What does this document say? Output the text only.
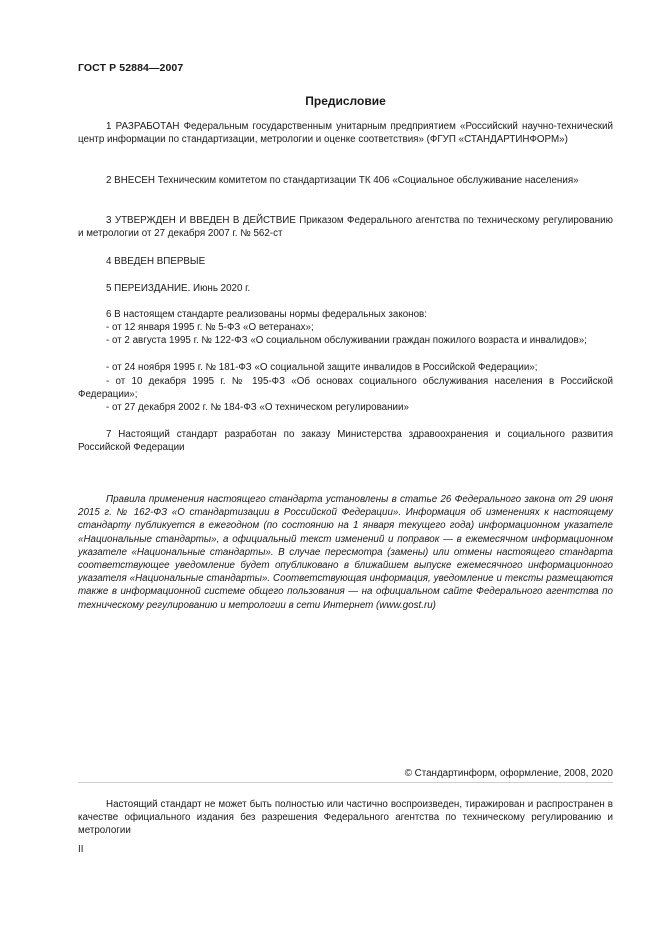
ГОСТ Р 52884—2007
Предисловие

1 РАЗРАБОТАН Федеральным государственным унитарным предприятием «Российский научно-технический центр информации по стандартизации, метрологии и оценке соответствия» (ФГУП «СТАНДАРТИНФОРМ»)

2 ВНЕСЕН Техническим комитетом по стандартизации ТК 406 «Социальное обслуживание населения»

3 УТВЕРЖДЕН И ВВЕДЕН В ДЕЙСТВИЕ Приказом Федерального агентства по техническому регулированию и метрологии от 27 декабря 2007 г. № 562-ст

4 ВВЕДЕН ВПЕРВЫЕ

5 ПЕРЕИЗДАНИЕ. Июнь 2020 г.

6 В настоящем стандарте реализованы нормы федеральных законов:

- от 12 января 1995 г. № 5-ФЗ «О ветеранах»;

- от 2 августа 1995 г. № 122-ФЗ «О социальном обслуживании граждан пожилого возраста и инвалидов»;

- от 24 ноября 1995 г. № 181-ФЗ «О социальной защите инвалидов в Российской Федерации»;

- от 10 декабря 1995 г. № 195-ФЗ «Об основах социального обслуживания населения в Российской Федерации»;

- от 27 декабря 2002 г. № 184-ФЗ «О техническом регулировании»

7 Настоящий стандарт разработан по заказу Министерства здравоохранения и социального развития Российской Федерации

Правила применения настоящего стандарта установлены в статье 26 Федерального закона от 29 июня 2015 г. № 162-ФЗ «О стандартизации в Российской Федерации». Информация об изменениях к настоящему стандарту публикуется в ежегодном (по состоянию на 1 января текущего года) информационном указателе «Национальные стандарты», а официальный текст изменений и поправок — в ежемесячном информационном указателе «Национальные стандарты». В случае пересмотра (замены) или отмены настоящего стандарта соответствующее уведомление будет опубликовано в ближайшем выпуске ежемесячного информационного указателя «Национальные стандарты». Соответствующая информация, уведомление и тексты размещаются также в информационной системе общего пользования — на официальном сайте Федерального агентства по техническому регулированию и метрологии в сети Интернет (www.gost.ru)

© Стандартинформ, оформление, 2008, 2020

Настоящий стандарт не может быть полностью или частично воспроизведен, тиражирован и распространен в качестве официального издания без разрешения Федерального агентства по техническому регулированию и метрологии

II
